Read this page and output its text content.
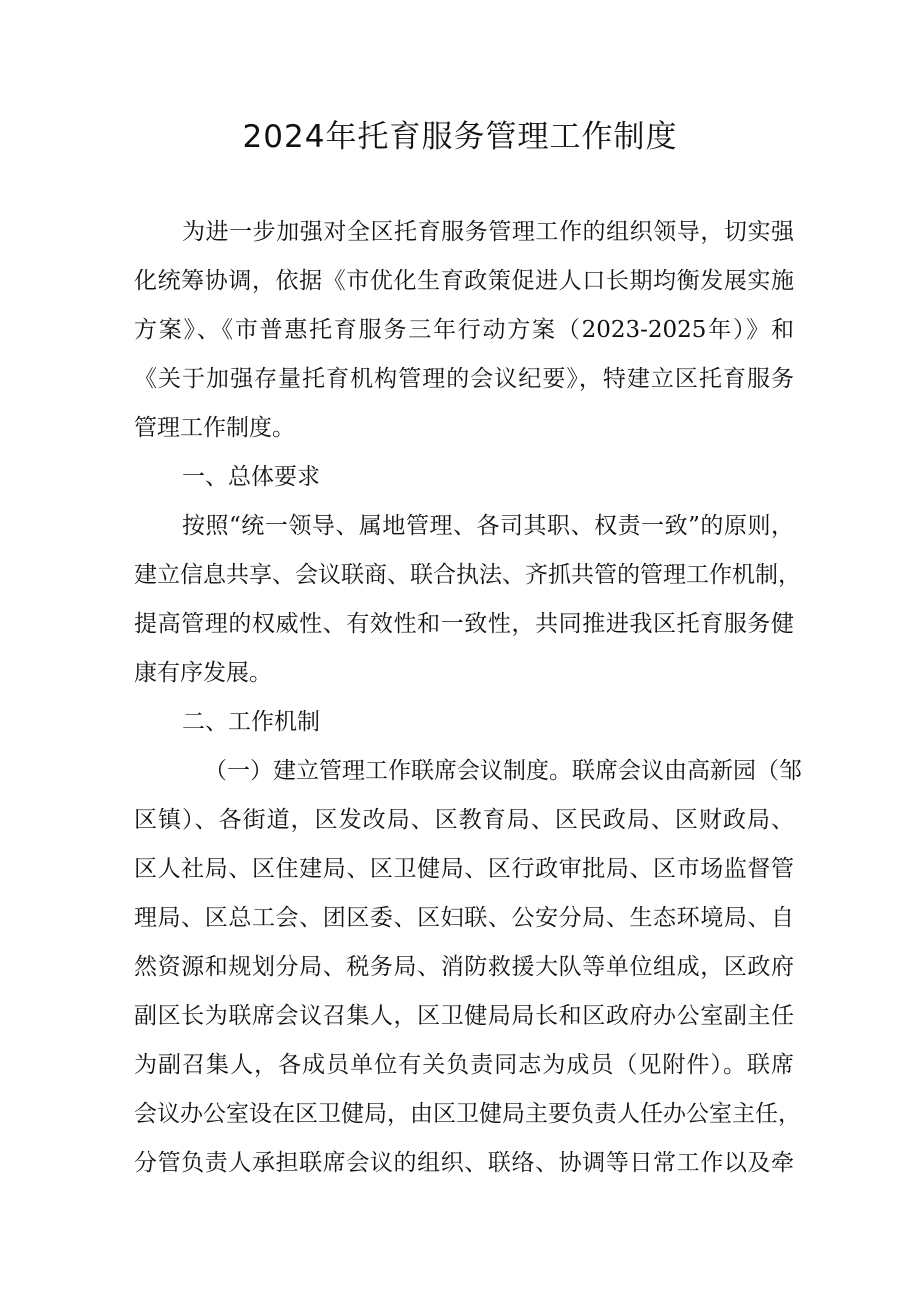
2024年托育服务管理工作制度
为进一步加强对全区托育服务管理工作的组织领导，切实强
化统筹协调，依据《市优化生育政策促进人口长期均衡发展实施
方案》、《市普惠托育服务三年行动方案（2023-2025年）》和
《关于加强存量托育机构管理的会议纪要》，特建立区托育服务
管理工作制度。
一、总体要求
按照“统一领导、属地管理、各司其职、权责一致”的原则，
建立信息共享、会议联商、联合执法、齐抓共管的管理工作机制，
提高管理的权威性、有效性和一致性，共同推进我区托育服务健
康有序发展。
二、工作机制
（一）建立管理工作联席会议制度。联席会议由高新园（邹
区镇）、各街道，区发改局、区教育局、区民政局、区财政局、
区人社局、区住建局、区卫健局、区行政审批局、区市场监督管
理局、区总工会、团区委、区妇联、公安分局、生态环境局、自
然资源和规划分局、税务局、消防救援大队等单位组成，区政府
副区长为联席会议召集人，区卫健局局长和区政府办公室副主任
为副召集人，各成员单位有关负责同志为成员（见附件）。联席
会议办公室设在区卫健局，由区卫健局主要负责人任办公室主任，
分管负责人承担联席会议的组织、联络、协调等日常工作以及牵
